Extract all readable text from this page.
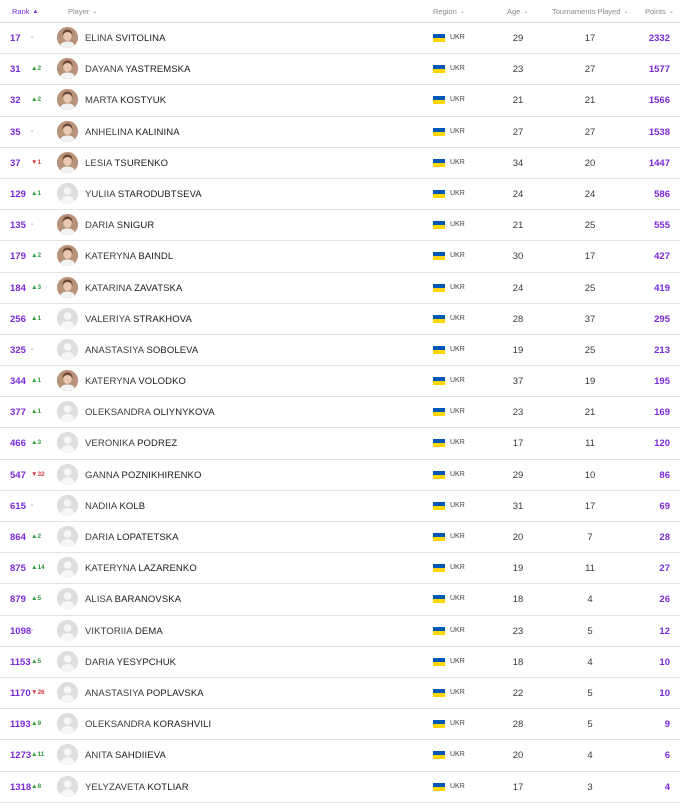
Rank ▲	Player ⌄	Region ⌄	Age ⌄	Tournaments Played ⌄ Points ⌄
17 -	ELINA SVITOLINA	UKR	29	17	2332
31 ▲2	DAYANA YASTREMSKA	UKR	23	27	1577
32 ▲2	MARTA KOSTYUK	UKR	21	21	1566
35 -	ANHELINA KALININA	UKR	27	27	1538
37 ▼1	LESIA TSURENKO	UKR	34	20	1447
129 ▲1	YULIIA STARODUBTSEVA	UKR	24	24	586
135 -	DARIA SNIGUR	UKR	21	25	555
179 ▲2	KATERYNA BAINDL	UKR	30	17	427
184 ▲3	KATARINA ZAVATSKA	UKR	24	25	419
256 ▲1	VALERIYA STRAKHOVA	UKR	28	37	295
325 -	ANASTASIYA SOBOLEVA	UKR	19	25	213
344 ▲1	KATERYNA VOLODKO	UKR	37	19	195
377 ▲1	OLEKSANDRA OLIYNYKOVA	UKR	23	21	169
466 ▲3	VERONIKA PODREZ	UKR	17	11	120
547 ▼32	GANNA POZNIKHIRENKO	UKR	29	10	86
615 -	NADIIA KOLB	UKR	31	17	69
864 ▲2	DARIA LOPATETSKA	UKR	20	7	28
875 ▲14	KATERYNA LAZARENKO	UKR	19	11	27
879 ▲5	ALISA BARANOVSKA	UKR	18	4	26
1098 -	VIKTORIIA DEMA	UKR	23	5	12
1153 ▲5	DARIA YESYPCHUK	UKR	18	4	10
1170 ▼26	ANASTASIYA POPLAVSKA	UKR	22	5	10
1193 ▲9	OLEKSANDRA KORASHVILI	UKR	28	5	9
1273 ▲11	ANITA SAHDIIEVA	UKR	20	4	6
1318 ▲8	YELYZAVETA KOTLIAR	UKR	17	3	4
